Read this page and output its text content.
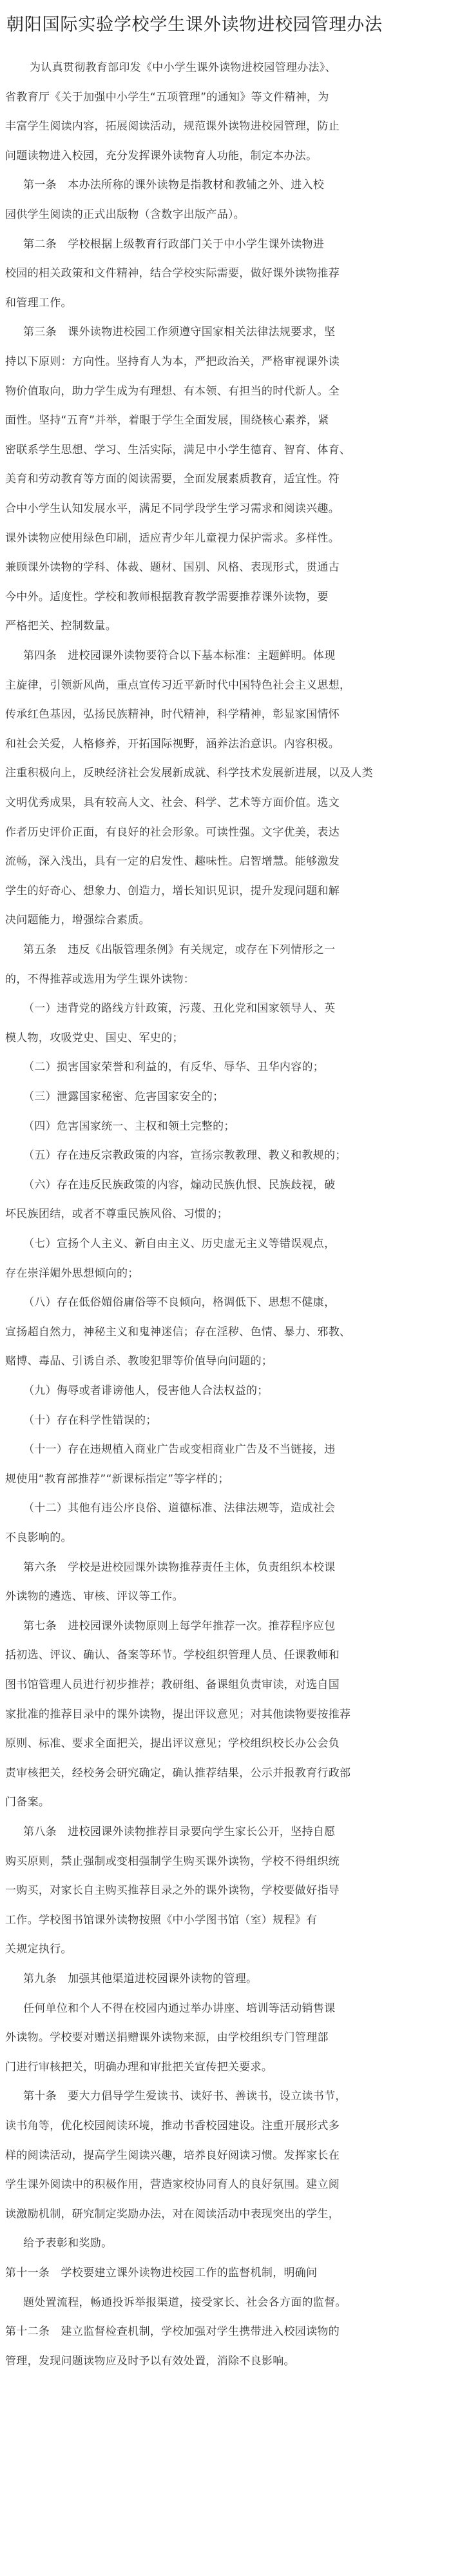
朝阳国际实验学校学生课外读物进校园管理办法
为认真贯彻教育部印发《中小学生课外读物进校园管理办法》、
省教育厅《关于加强中小学生“五项管理”的通知》等文件精神，为
丰富学生阅读内容，拓展阅读活动，规范课外读物进校园管理，防止
问题读物进入校园，充分发挥课外读物育人功能，制定本办法。
第一条　本办法所称的课外读物是指教材和教辅之外、进入校
园供学生阅读的正式出版物（含数字出版产品）。
第二条　学校根据上级教育行政部门关于中小学生课外读物进
校园的相关政策和文件精神，结合学校实际需要，做好课外读物推荐
和管理工作。
第三条　课外读物进校园工作须遵守国家相关法律法规要求，坚
持以下原则：方向性。坚持育人为本，严把政治关，严格审视课外读
物价值取向，助力学生成为有理想、有本领、有担当的时代新人。全
面性。坚持“五育”并举，着眼于学生全面发展，围绕核心素养，紧
密联系学生思想、学习、生活实际，满足中小学生德育、智育、体育、
美育和劳动教育等方面的阅读需要，全面发展素质教育，适宜性。符
合中小学生认知发展水平，满足不同学段学生学习需求和阅读兴趣。
课外读物应使用绿色印刷，适应青少年儿童视力保护需求。多样性。
兼顾课外读物的学科、体裁、题材、国别、风格、表现形式，贯通古
今中外。适度性。学校和教师根据教育教学需要推荐课外读物，要
严格把关、控制数量。
第四条　进校园课外读物要符合以下基本标准：主题鲜明。体现
主旋律，引领新风尚，重点宣传习近平新时代中国特色社会主义思想，
传承红色基因，弘扬民族精神，时代精神，科学精神，彰显家国情怀
和社会关爱，人格修养，开拓国际视野，涵养法治意识。内容积极。
注重积极向上，反映经济社会发展新成就、科学技术发展新进展，以及人类
文明优秀成果，具有较高人文、社会、科学、艺术等方面价值。选文
作者历史评价正面，有良好的社会形象。可读性强。文字优美，表达
流畅，深入浅出，具有一定的启发性、趣味性。启智增慧。能够激发
学生的好奇心、想象力、创造力，增长知识见识，提升发现问题和解
决问题能力，增强综合素质。
第五条　违反《出版管理条例》有关规定，或存在下列情形之一
的，不得推荐或选用为学生课外读物：
（一）违背党的路线方针政策，污蔑、丑化党和国家领导人、英
模人物，攻吸党史、国史、军史的；
（二）损害国家荣誉和利益的，有反华、辱华、丑华内容的；
（三）泄露国家秘密、危害国家安全的；
（四）危害国家统一、主权和领土完整的；
（五）存在违反宗教政策的内容，宣扬宗教教理、教义和教规的；
（六）存在违反民族政策的内容，煽动民族仇恨、民族歧视，破
坏民族团结，或者不尊重民族风俗、习惯的；
（七）宣扬个人主义、新自由主义、历史虚无主义等错误观点，
存在崇洋媚外思想倾向的；
（八）存在低俗媚俗庸俗等不良倾向，格调低下、思想不健康，
宣扬超自然力，神秘主义和鬼神迷信；存在淫秽、色情、暴力、邪教、
赌博、毒品、引诱自杀、教唆犯罪等价值导向问题的；
（九）侮辱或者诽谤他人，侵害他人合法权益的；
（十）存在科学性错误的；
（十一）存在违规植入商业广告或变相商业广告及不当链接，违
规使用“教育部推荐”“新课标指定”等字样的；
（十二）其他有违公序良俗、道德标准、法律法规等，造成社会
不良影响的。
第六条　学校是进校园课外读物推荐责任主体，负责组织本校课
外读物的遴选、审核、评议等工作。
第七条　进校园课外读物原则上每学年推荐一次。推荐程序应包
括初选、评议、确认、备案等环节。学校组织管理人员、任课教师和
图书馆管理人员进行初步推荐；教研组、备课组负责审读，对选自国
家批准的推荐目录中的课外读物，提出评议意见；对其他读物要按推荐
原则、标准、要求全面把关，提出评议意见；学校组织校长办公会负
责审核把关，经校务会研究确定，确认推荐结果，公示并报教育行政部
门备案。
第八条　进校园课外读物推荐目录要向学生家长公开，坚持自愿
购买原则，禁止强制或变相强制学生购买课外读物，学校不得组织统
一购买，对家长自主购买推荐目录之外的课外读物，学校要做好指导
工作。学校图书馆课外读物按照《中小学图书馆（室）规程》有
关规定执行。
第九条　加强其他渠道进校园课外读物的管理。
任何单位和个人不得在校园内通过举办讲座、培训等活动销售课
外读物。学校要对赠送捐赠课外读物来源，由学校组织专门管理部
门进行审核把关，明确办理和审批把关宣传把关要求。
第十条　要大力倡导学生爱读书、读好书、善读书，设立读书节，
读书角等，优化校园阅读环境，推动书香校园建设。注重开展形式多
样的阅读活动，提高学生阅读兴趣，培养良好阅读习惯。发挥家长在
学生课外阅读中的积极作用，营造家校协同育人的良好氛围。建立阅
读激励机制，研究制定奖励办法，对在阅读活动中表现突出的学生，
给予表彰和奖励。
第十一条　学校要建立课外读物进校园工作的监督机制，明确问
题处置流程，畅通投诉举报渠道，接受家长、社会各方面的监督。
第十二条　建立监督检查机制，学校加强对学生携带进入校园读物的
管理，发现问题读物应及时予以有效处置，消除不良影响。
